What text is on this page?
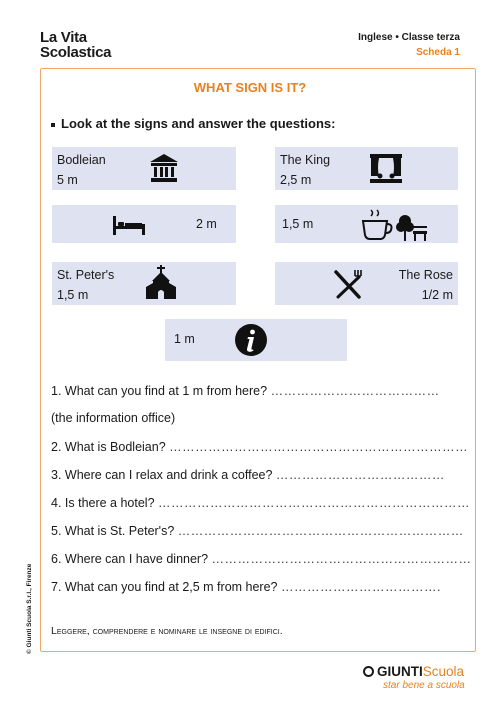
La Vita
Scolastica
Inglese • Classe terza
Scheda 1
WHAT SIGN IS IT?
Look at the signs and answer the questions:
Bodleian
5 m
The King
2,5 m
2 m	1,5 m
St. Peter's
1,5 m
The Rose
1/2 m
1 m
1. What can you find at 1 m from here? …………………………………
(the information office)
2. What is Bodleian? ……………………………………………………………
3. Where can I relax and drink a coffee? …………………………………
4. Is there a hotel? ………………………………………………………………
5. What is St. Peter's? …………………………………………………………
6. Where can I have dinner? ……………………………………………………
7. What can you find at 2,5 m from here? ……………………………….
Leggere, comprendere e nominare le insegne di edifici.
© Giunti Scuola S.r.l., Firenze
GIUNTIScuola
star bene a scuola
